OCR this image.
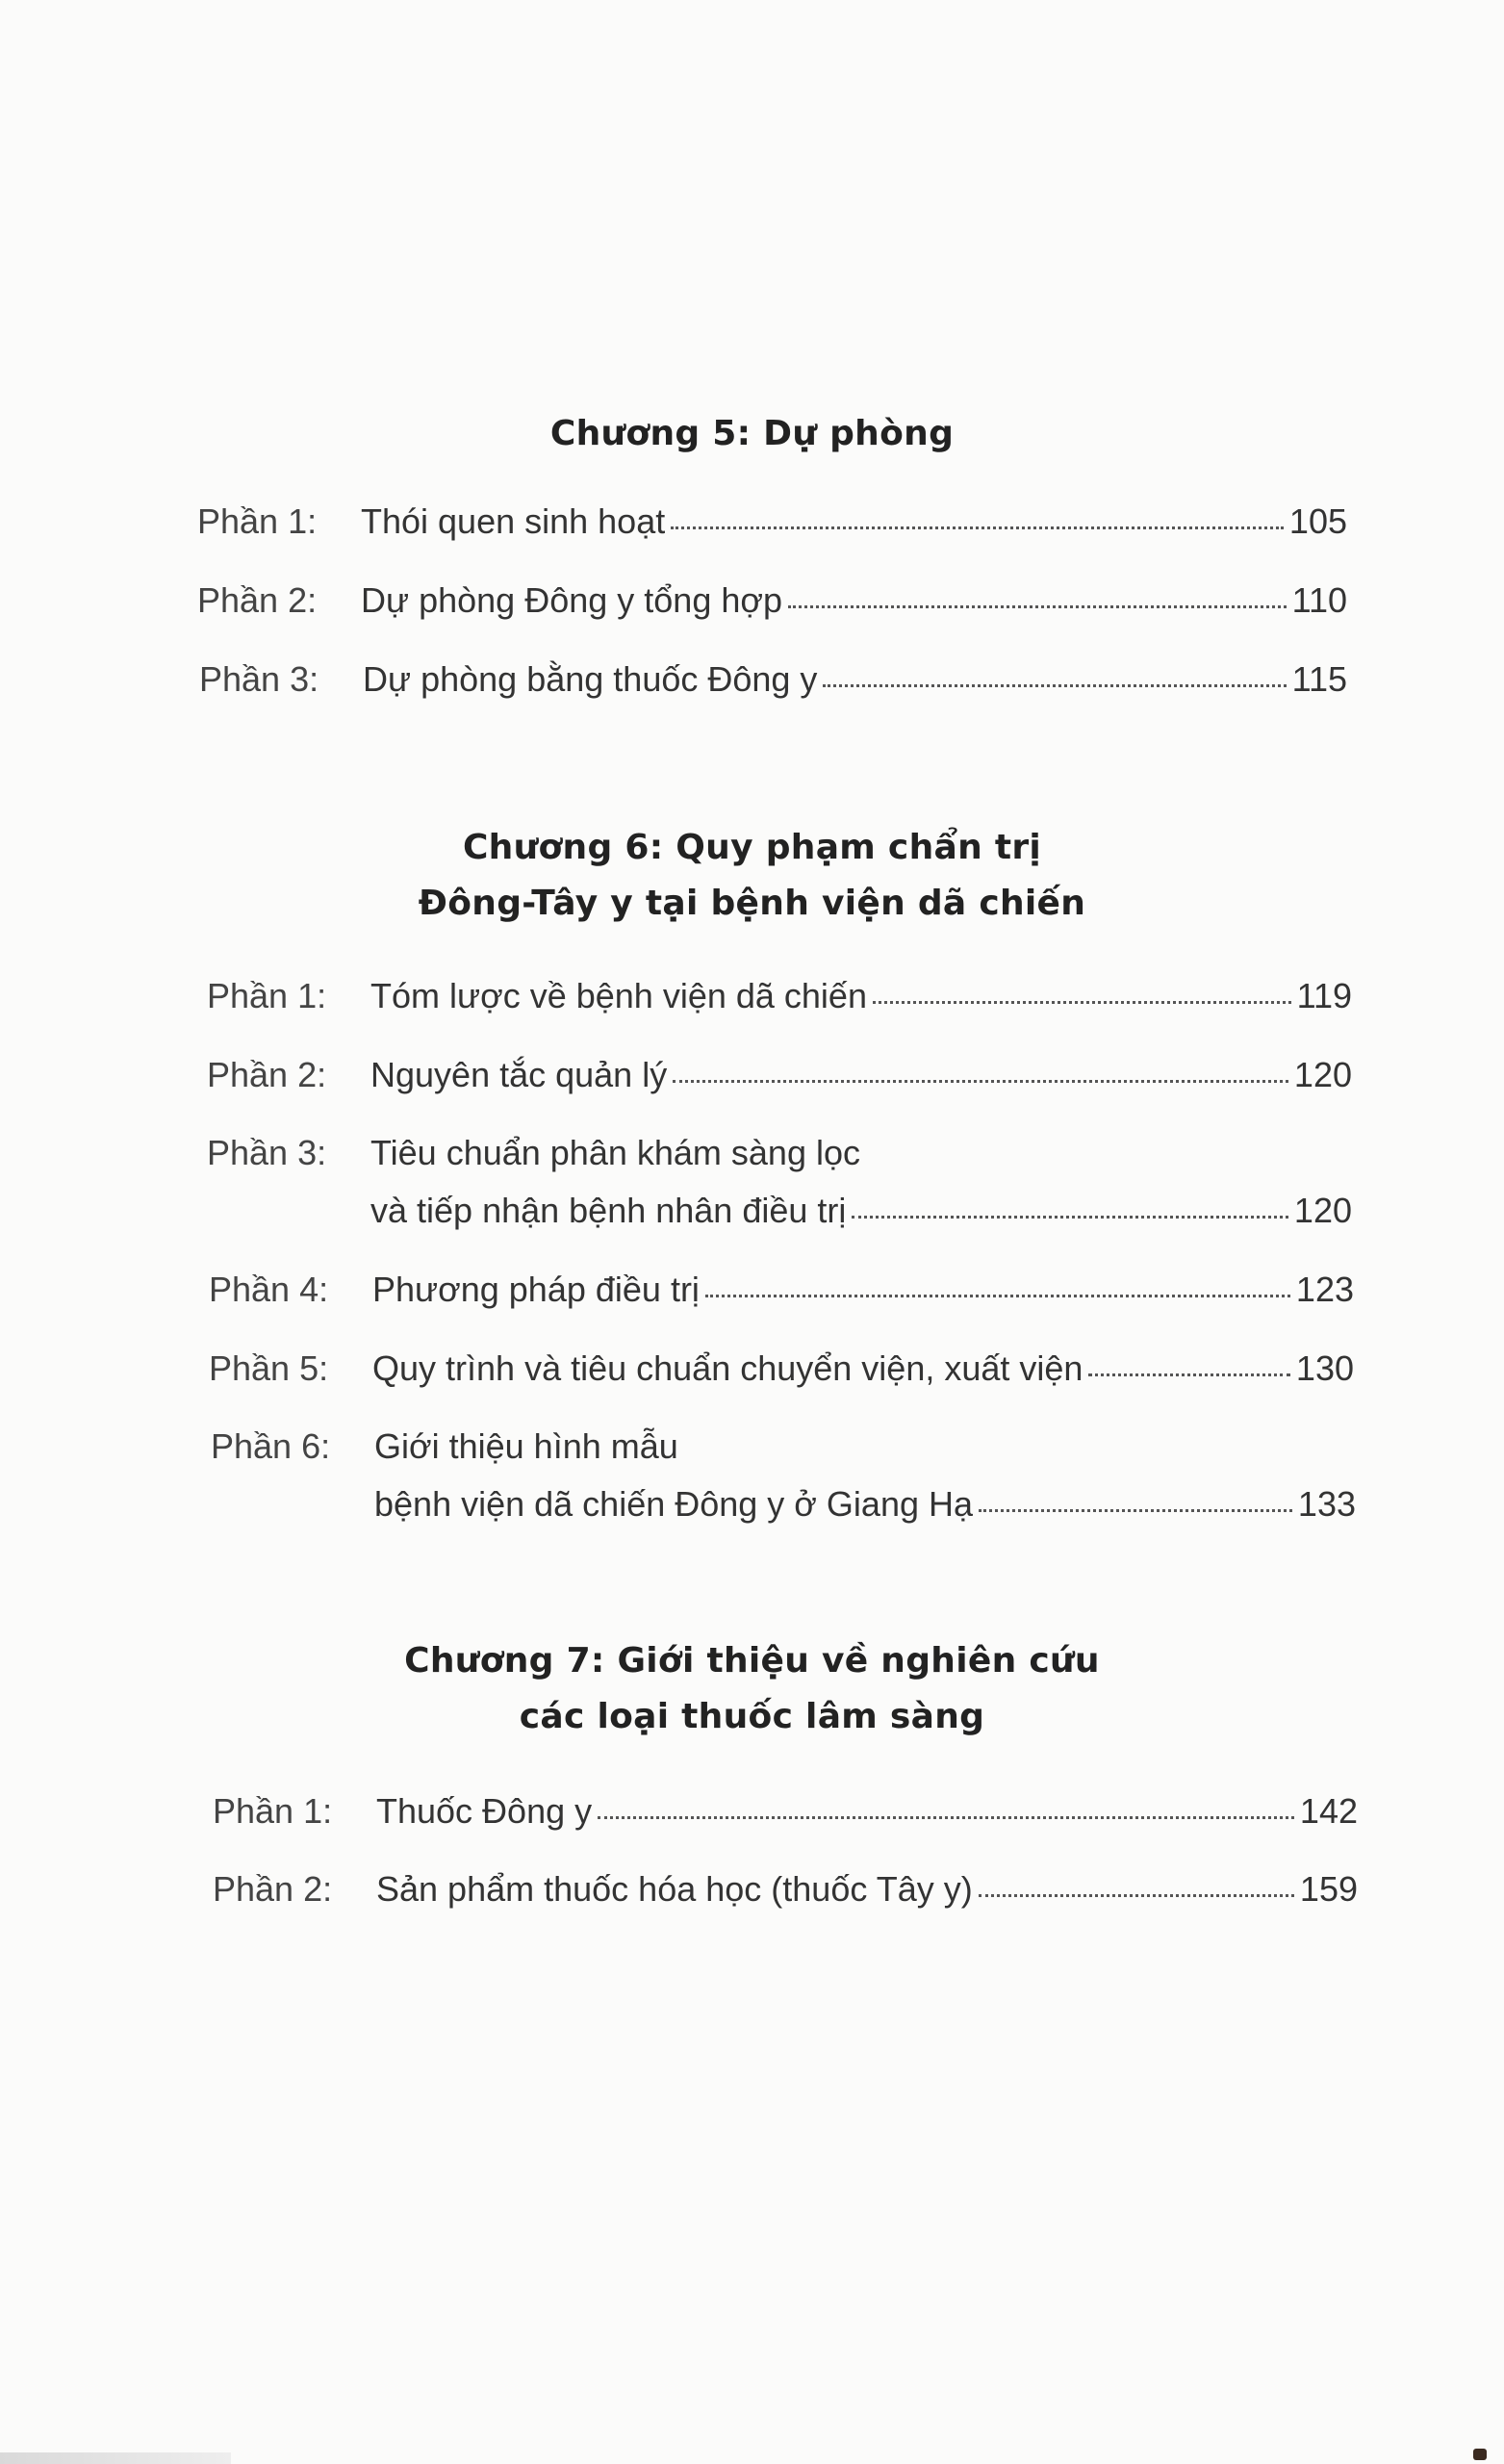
Chương 5: Dự phòng
Phần 1:	Thói quen sinh hoạt	105
Phần 2:	Dự phòng Đông y tổng hợp	110
Phần 3:	Dự phòng bằng thuốc Đông y	115
Chương 6: Quy phạm chẩn trị
Đông-Tây y tại bệnh viện dã chiến
Phần 1:	Tóm lược về bệnh viện dã chiến	119
Phần 2:	Nguyên tắc quản lý	120
Phần 3:	Tiêu chuẩn phân khám sàng lọc
và tiếp nhận bệnh nhân điều trị	120
Phần 4:	Phương pháp điều trị	123
Phần 5:	Quy trình và tiêu chuẩn chuyển viện, xuất viện	130
Phần 6:	Giới thiệu hình mẫu
bệnh viện dã chiến Đông y ở Giang Hạ	133
Chương 7: Giới thiệu về nghiên cứu
các loại thuốc lâm sàng
Phần 1:	Thuốc Đông y	142
Phần 2:	Sản phẩm thuốc hóa học (thuốc Tây y)	159
